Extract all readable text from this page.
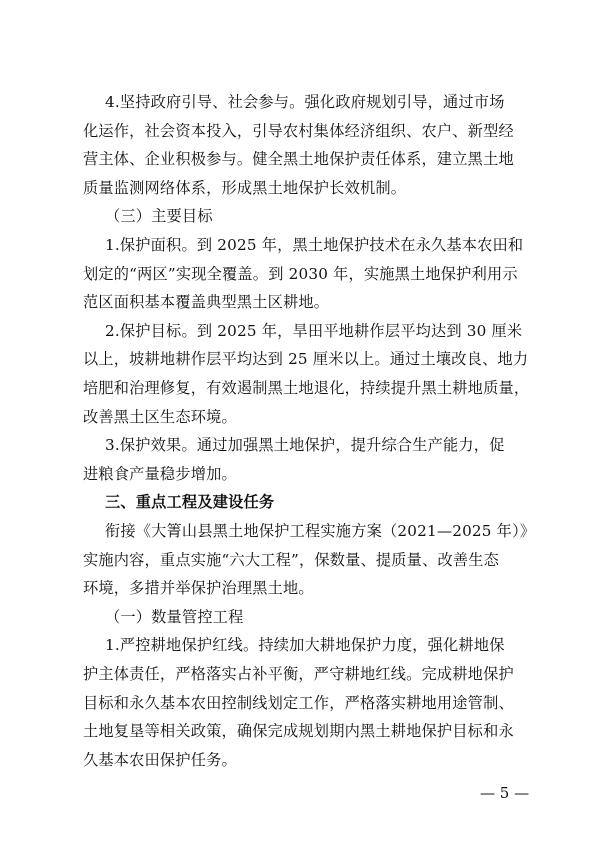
4.坚持政府引导、社会参与。强化政府规划引导，通过市场
化运作，社会资本投入，引导农村集体经济组织、农户、新型经
营主体、企业积极参与。健全黑土地保护责任体系，建立黑土地
质量监测网络体系，形成黑土地保护长效机制。
（三）主要目标
1.保护面积。到 2025 年，黑土地保护技术在永久基本农田和
划定的“两区”实现全覆盖。到 2030 年，实施黑土地保护利用示
范区面积基本覆盖典型黑土区耕地。
2.保护目标。到 2025 年，旱田平地耕作层平均达到 30 厘米
以上，坡耕地耕作层平均达到 25 厘米以上。通过土壤改良、地力
培肥和治理修复，有效遏制黑土地退化，持续提升黑土耕地质量，
改善黑土区生态环境。
3.保护效果。通过加强黑土地保护，提升综合生产能力，促
进粮食产量稳步增加。
三、重点工程及建设任务
衔接《大箐山县黑土地保护工程实施方案（2021—2025 年）》
实施内容，重点实施“六大工程”，保数量、提质量、改善生态
环境，多措并举保护治理黑土地。
（一）数量管控工程
1.严控耕地保护红线。持续加大耕地保护力度，强化耕地保
护主体责任，严格落实占补平衡，严守耕地红线。完成耕地保护
目标和永久基本农田控制线划定工作，严格落实耕地用途管制、
土地复垦等相关政策，确保完成规划期内黑土耕地保护目标和永
久基本农田保护任务。
— 5 —
